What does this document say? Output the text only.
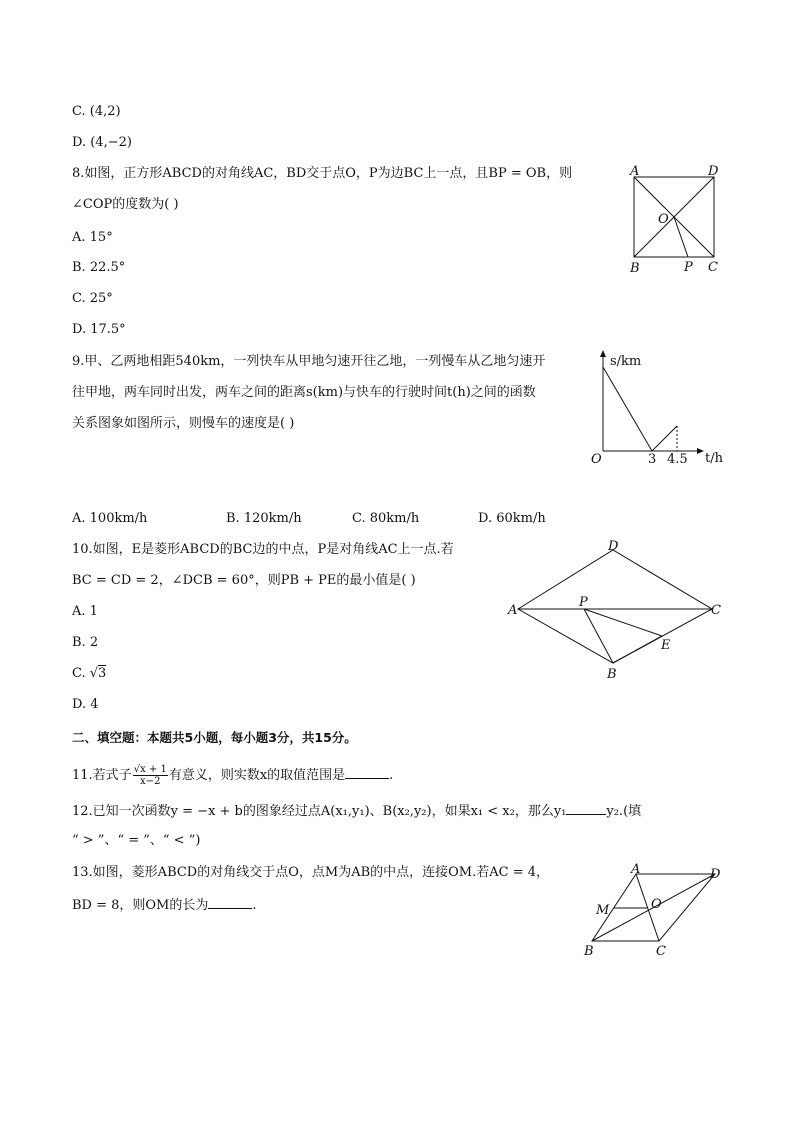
C. (4,2)
D. (4,−2)
8.如图，正方形ABCD的对角线AC，BD交于点O，P为边BC上一点，且BP = OB，则
∠COP的度数为( )
A. 15°
B. 22.5°
C. 25°
D. 17.5°
A	D
O
B	P C
9.甲、乙两地相距540km，一列快车从甲地匀速开往乙地，一列慢车从乙地匀速开
往甲地，两车同时出发，两车之间的距离s(km)与快车的行驶时间t(h)之间的函数
关系图象如图所示，则慢车的速度是( )
s/km
t/h
O	3 4.5
A. 100km/h	B. 120km/h	C. 80km/h	D. 60km/h
10.如图，E是菱形ABCD的BC边的中点，P是对角线AC上一点.若
BC = CD = 2，∠DCB = 60°，则PB + PE的最小值是( )
A. 1
B. 2
C. √3
D. 4
D
A
P
C
E
B
二、填空题：本题共5小题，每小题3分，共15分。
11.若式子 $\frac{√x + 1}{x-2}$ 有意义，则实数x的取值范围是	.
12.已知一次函数y = −x + b的图象经过点A(x₁,y₁)、B(x₂,y₂)，如果x₁ < x₂，那么y₁	y₂.(填
“ > ”、“ = ”、“ < ”)
13.如图，菱形ABCD的对角线交于点O，点M为AB的中点，连接OM.若AC = 4，
BD = 8，则OM的长为	.
A	D
M	O
B	C
